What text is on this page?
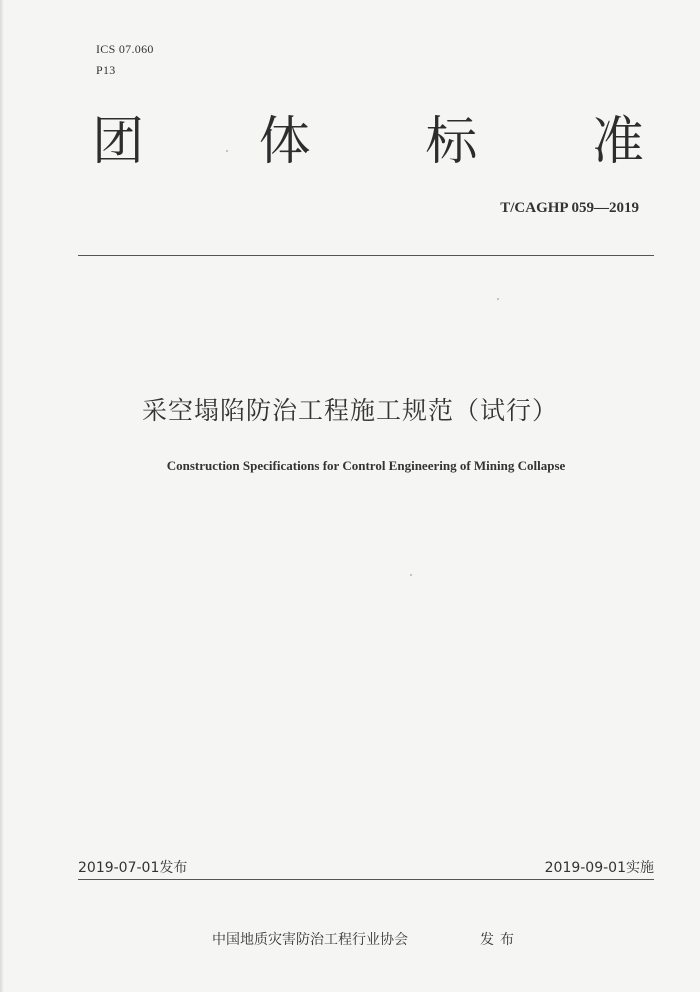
ICS 07.060
P13
团 体 标 准
T/CAGHP 059—2019
采空塌陷防治工程施工规范（试行）
Construction Specifications for Control Engineering of Mining Collapse
2019-07-01发布	2019-09-01实施
中国地质灾害防治工程行业协会	发布
